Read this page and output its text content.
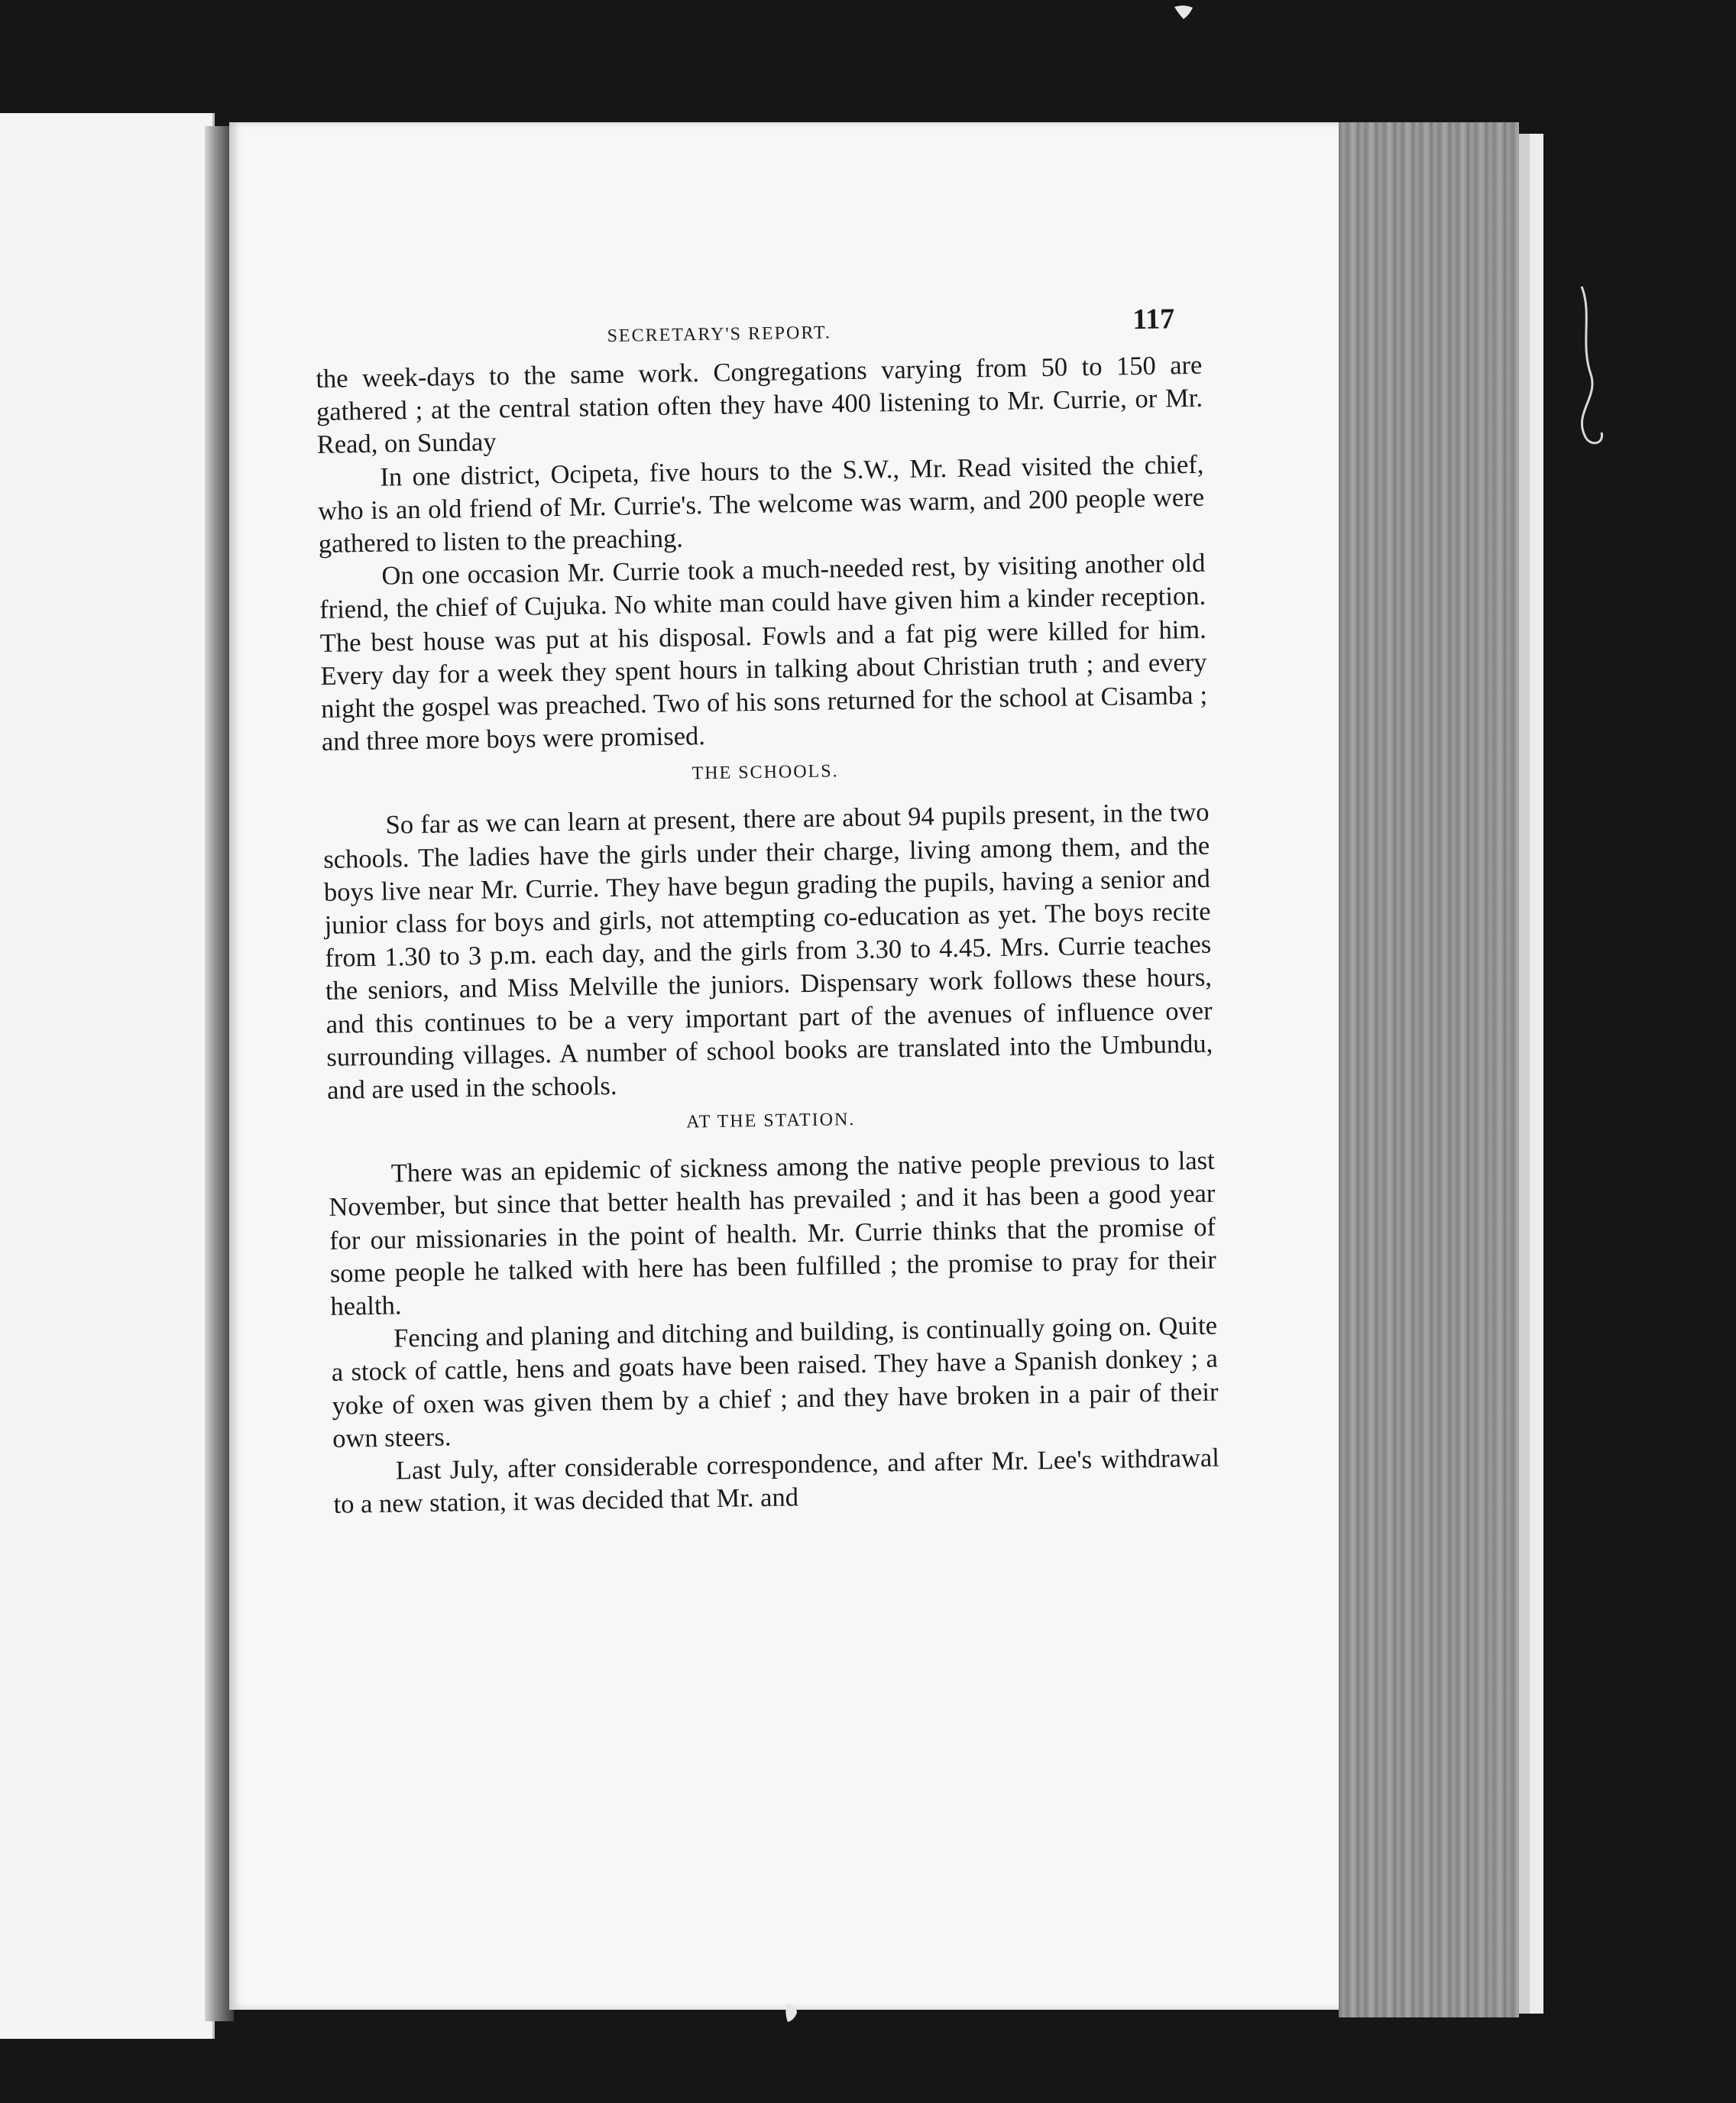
SECRETARY'S REPORT.	117

the week-days to the same work. Congregations varying from 50 to 150 are gathered ; at the central station often they have 400 listening to Mr. Currie, or Mr. Read, on Sunday

In one district, Ocipeta, five hours to the S.W., Mr. Read visited the chief, who is an old friend of Mr. Currie's. The welcome was warm, and 200 people were gathered to listen to the preaching.

On one occasion Mr. Currie took a much-needed rest, by visiting another old friend, the chief of Cujuka. No white man could have given him a kinder reception. The best house was put at his disposal. Fowls and a fat pig were killed for him. Every day for a week they spent hours in talking about Christian truth ; and every night the gospel was preached. Two of his sons returned for the school at Cisamba ; and three more boys were promised.

THE SCHOOLS.

So far as we can learn at present, there are about 94 pupils present, in the two schools. The ladies have the girls under their charge, living among them, and the boys live near Mr. Currie. They have begun grading the pupils, having a senior and junior class for boys and girls, not attempting co-education as yet. The boys recite from 1.30 to 3 p.m. each day, and the girls from 3.30 to 4.45. Mrs. Currie teaches the seniors, and Miss Melville the juniors. Dispensary work follows these hours, and this continues to be a very important part of the avenues of influence over surrounding villages. A number of school books are translated into the Umbundu, and are used in the schools.

AT THE STATION.

There was an epidemic of sickness among the native people previous to last November, but since that better health has prevailed ; and it has been a good year for our missionaries in the point of health. Mr. Currie thinks that the promise of some people he talked with here has been fulfilled ; the promise to pray for their health.

Fencing and planing and ditching and building, is continually going on. Quite a stock of cattle, hens and goats have been raised. They have a Spanish donkey ; a yoke of oxen was given them by a chief ; and they have broken in a pair of their own steers.

Last July, after considerable correspondence, and after Mr. Lee's withdrawal to a new station, it was decided that Mr. and
